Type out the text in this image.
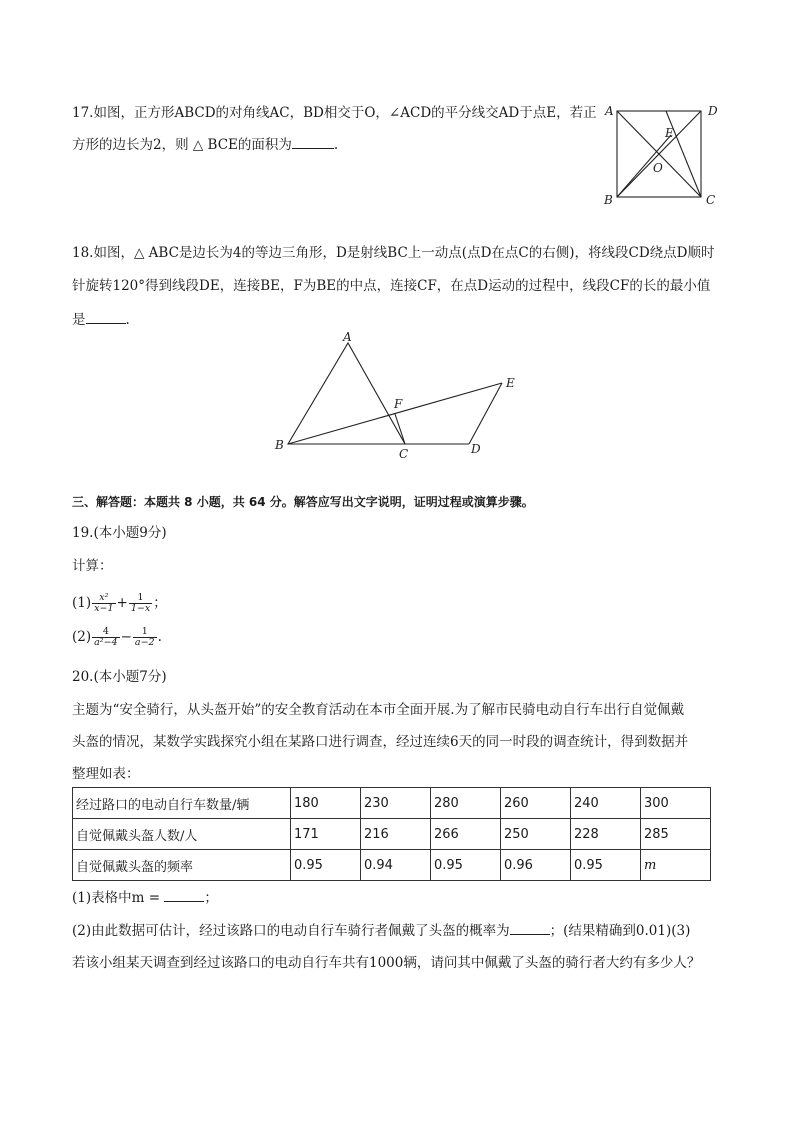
17.如图，正方形ABCD的对角线AC，BD相交于O，∠ACD的平分线交AD于点E，若正
方形的边长为2，则 △ BCE的面积为	.
A	D
B	C
E
O
18.如图，△ ABC是边长为4的等边三角形，D是射线BC上一动点(点D在点C的右侧)，将线段CD绕点D顺时
针旋转120°得到线段DE，连接BE，F为BE的中点，连接CF，在点D运动的过程中，线段CF的长的最小值
是	.
A
B
C	D
E
F
三、解答题：本题共 8 小题，共 64 分。解答应写出文字说明，证明过程或演算步骤。
19.(本小题9分)
计算：
$(1) \frac{\text{x²}}{x-1} + \frac{1}{1-x}$ ；
$(2) \frac{4}{\text{a²−4}} - \frac{1}{a-2}$ .
20.(本小题7分)
主题为“安全骑行，从头盔开始”的安全教育活动在本市全面开展.为了解市民骑电动自行车出行自觉佩戴
头盔的情况，某数学实践探究小组在某路口进行调查，经过连续6天的同一时段的调查统计，得到数据并
整理如表：
经过路口的电动自行车数量/辆	180	230	280	260	240	300
自觉佩戴头盔人数/人	171	216	266	250	228	285
自觉佩戴头盔的频率	0.95	0.94	0.95	0.96	0.95	m
(1)表格中m =	；
(2)由此数据可估计，经过该路口的电动自行车骑行者佩戴了头盔的概率为	；(结果精确到0.01)(3)
若该小组某天调查到经过该路口的电动自行车共有1000辆，请问其中佩戴了头盔的骑行者大约有多少人？
